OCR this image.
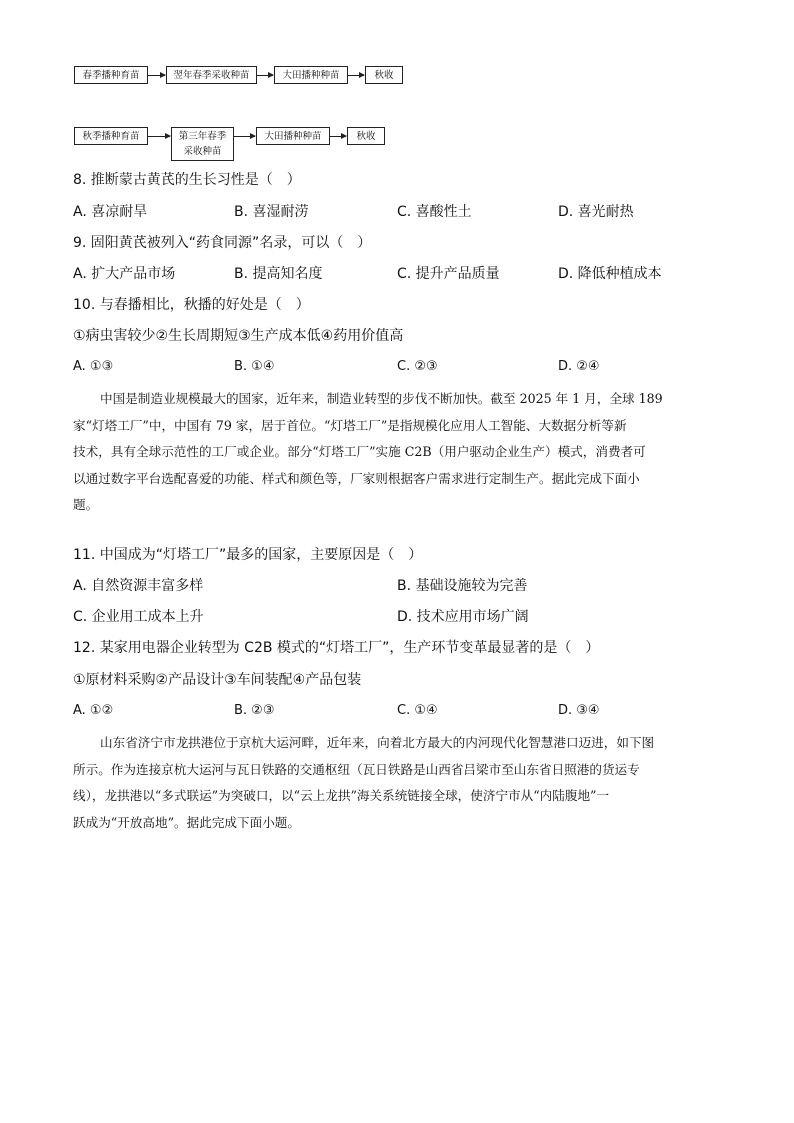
春季播种育苗	翌年春季采收种苗	大田播种种苗	秋收
秋季播种育苗	第三年春季
采收种苗
大田播种种苗	秋收
8. 推断蒙古黄芪的生长习性是（　）
A. 喜凉耐旱	B. 喜湿耐涝	C. 喜酸性土	D. 喜光耐热
9. 固阳黄芪被列入“药食同源”名录，可以（　）
A. 扩大产品市场	B. 提高知名度	C. 提升产品质量	D. 降低种植成本
10. 与春播相比，秋播的好处是（　）
①病虫害较少②生长周期短③生产成本低④药用价值高
A. ①③	B. ①④	C. ②③	D. ②④
中国是制造业规模最大的国家，近年来，制造业转型的步伐不断加快。截至 2025 年 1 月，全球 189
家“灯塔工厂”中，中国有 79 家，居于首位。“灯塔工厂”是指规模化应用人工智能、大数据分析等新
技术，具有全球示范性的工厂或企业。部分“灯塔工厂”实施 C2B（用户驱动企业生产）模式，消费者可
以通过数字平台选配喜爱的功能、样式和颜色等，厂家则根据客户需求进行定制生产。据此完成下面小
题。
11. 中国成为“灯塔工厂”最多的国家，主要原因是（　）
A. 自然资源丰富多样	B. 基础设施较为完善
C. 企业用工成本上升	D. 技术应用市场广阔
12. 某家用电器企业转型为 C2B 模式的“灯塔工厂”，生产环节变革最显著的是（　）
①原材料采购②产品设计③车间装配④产品包装
A. ①②	B. ②③	C. ①④	D. ③④
山东省济宁市龙拱港位于京杭大运河畔，近年来，向着北方最大的内河现代化智慧港口迈进，如下图
所示。作为连接京杭大运河与瓦日铁路的交通枢纽（瓦日铁路是山西省吕梁市至山东省日照港的货运专
线），龙拱港以“多式联运”为突破口，以“云上龙拱”海关系统链接全球，使济宁市从“内陆腹地”一
跃成为“开放高地”。据此完成下面小题。
